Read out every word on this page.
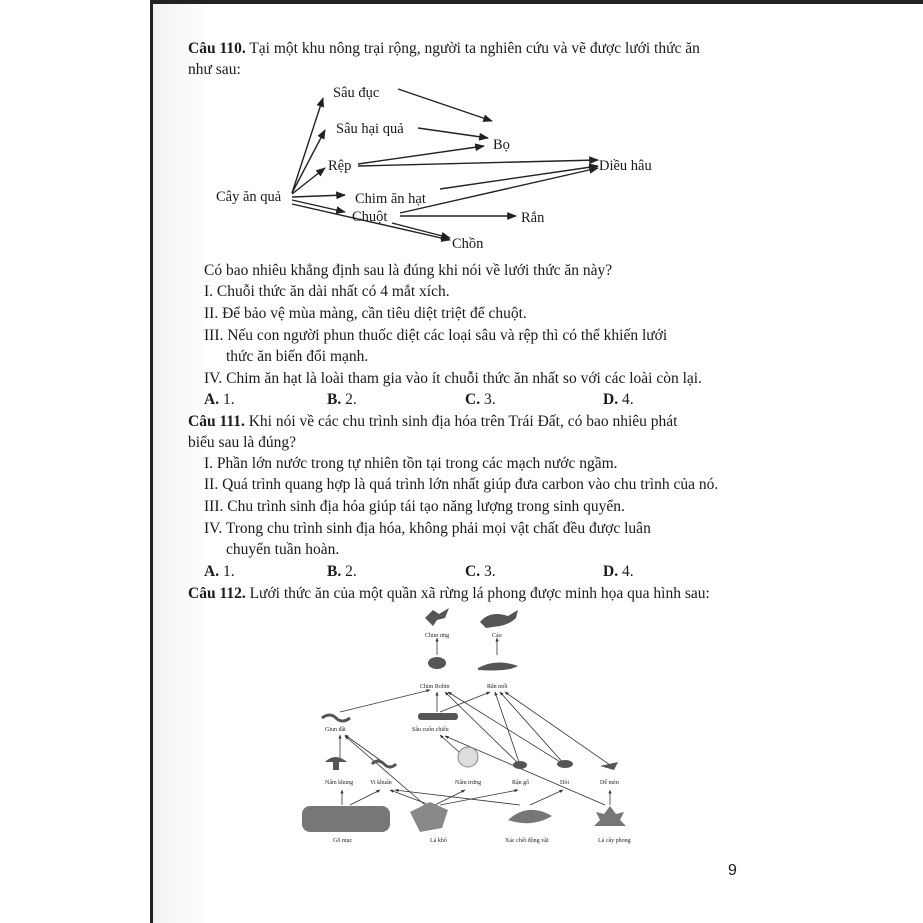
Câu 110. Tại một khu nông trại rộng, người ta nghiên cứu và vẽ được lưới thức ăn
như sau:
Sâu đục
Sâu hại quả
Bọ
Rệp	Diều hâu
Cây ăn quả	Chim ăn hạt
Chuột	Rắn
Chồn
Có bao nhiêu khẳng định sau là đúng khi nói về lưới thức ăn này?
I. Chuỗi thức ăn dài nhất có 4 mắt xích.
II. Để bảo vệ mùa màng, cần tiêu diệt triệt để chuột.
III. Nếu con người phun thuốc diệt các loại sâu và rệp thì có thể khiến lưới
thức ăn biến đổi mạnh.
IV. Chim ăn hạt là loài tham gia vào ít chuỗi thức ăn nhất so với các loài còn lại.
A. 1.	B. 2.	C. 3.	D. 4.
Câu 111. Khi nói về các chu trình sinh địa hóa trên Trái Đất, có bao nhiêu phát
biểu sau là đúng?
I. Phần lớn nước trong tự nhiên tồn tại trong các mạch nước ngầm.
II. Quá trình quang hợp là quá trình lớn nhất giúp đưa carbon vào chu trình của nó.
III. Chu trình sinh địa hóa giúp tái tạo năng lượng trong sinh quyển.
IV. Trong chu trình sinh địa hóa, không phải mọi vật chất đều được luân
chuyển tuần hoàn.
A. 1.	B. 2.	C. 3.	D. 4.
Câu 112. Lưới thức ăn của một quần xã rừng lá phong được minh họa qua hình sau:
Chim ưng	Cáo
Chim Robin	Rắn mối
Giun đất	Sâu cuốn chiếu
Nấm khung	Vi khuẩn	Nấm trứng	Rận gỗ	Dòi	Dế mèn
Gỗ mục	Lá khô	Xác chết động vật	Lá cây phong
9
